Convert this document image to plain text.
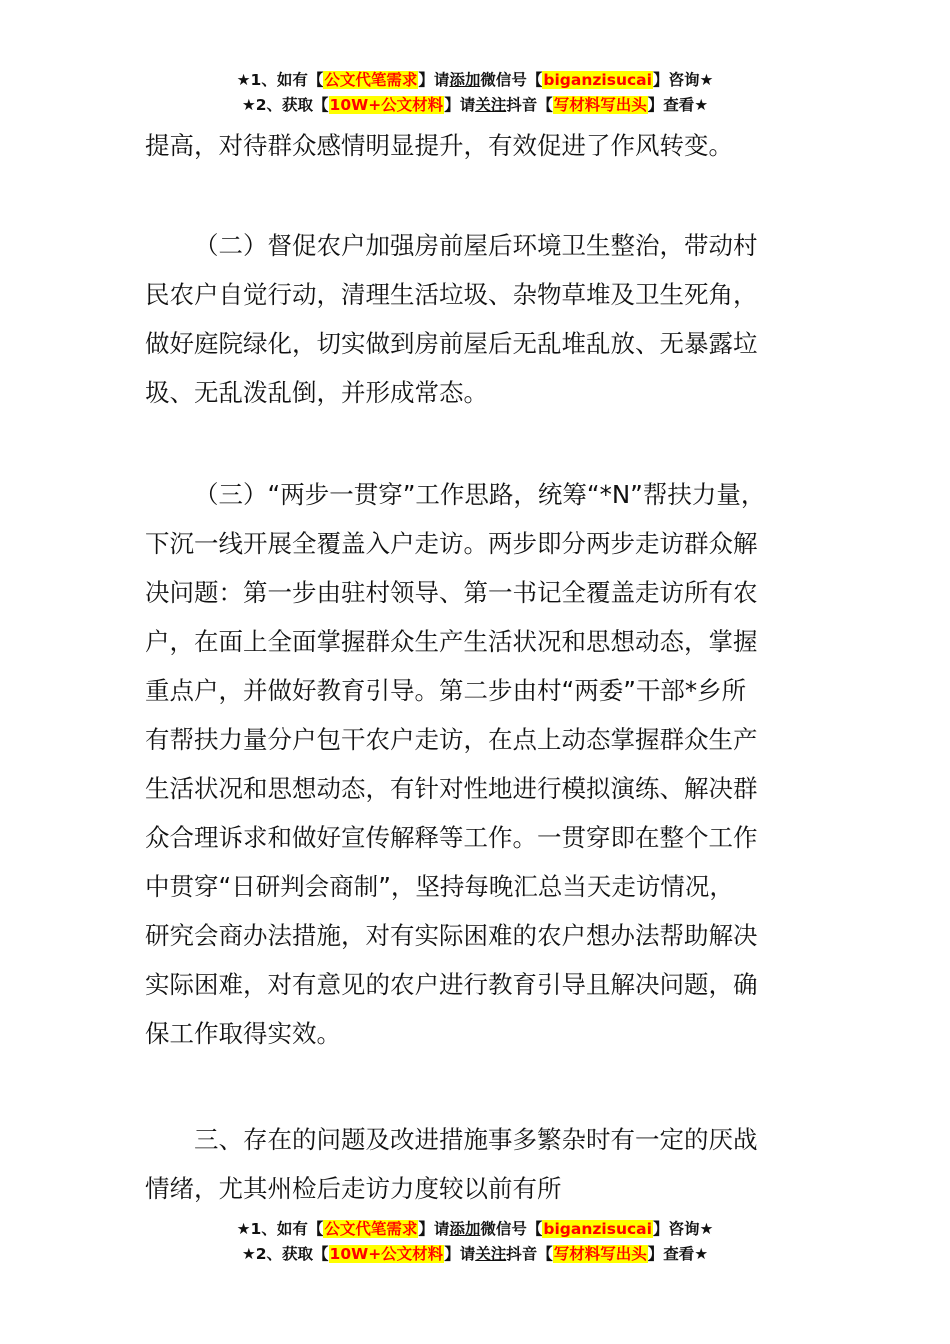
★1、如有【公文代笔需求】请添加微信号【biganzisucai】咨询★
★2、获取【10W+公文材料】请关注抖音【写材料写出头】查看★
提高，对待群众感情明显提升，有效促进了作风转变。
（二）督促农户加强房前屋后环境卫生整治，带动村
民农户自觉行动，清理生活垃圾、杂物草堆及卫生死角，
做好庭院绿化，切实做到房前屋后无乱堆乱放、无暴露垃
圾、无乱泼乱倒，并形成常态。
（三）“两步一贯穿”工作思路，统筹“*N”帮扶力量，
下沉一线开展全覆盖入户走访。两步即分两步走访群众解
决问题：第一步由驻村领导、第一书记全覆盖走访所有农
户，在面上全面掌握群众生产生活状况和思想动态，掌握
重点户，并做好教育引导。第二步由村“两委”干部*乡所
有帮扶力量分户包干农户走访，在点上动态掌握群众生产
生活状况和思想动态，有针对性地进行模拟演练、解决群
众合理诉求和做好宣传解释等工作。一贯穿即在整个工作
中贯穿“日研判会商制”，坚持每晚汇总当天走访情况，
研究会商办法措施，对有实际困难的农户想办法帮助解决
实际困难，对有意见的农户进行教育引导且解决问题，确
保工作取得实效。
三、存在的问题及改进措施事多繁杂时有一定的厌战
情绪，尤其州检后走访力度较以前有所
★1、如有【公文代笔需求】请添加微信号【biganzisucai】咨询★
★2、获取【10W+公文材料】请关注抖音【写材料写出头】查看★
